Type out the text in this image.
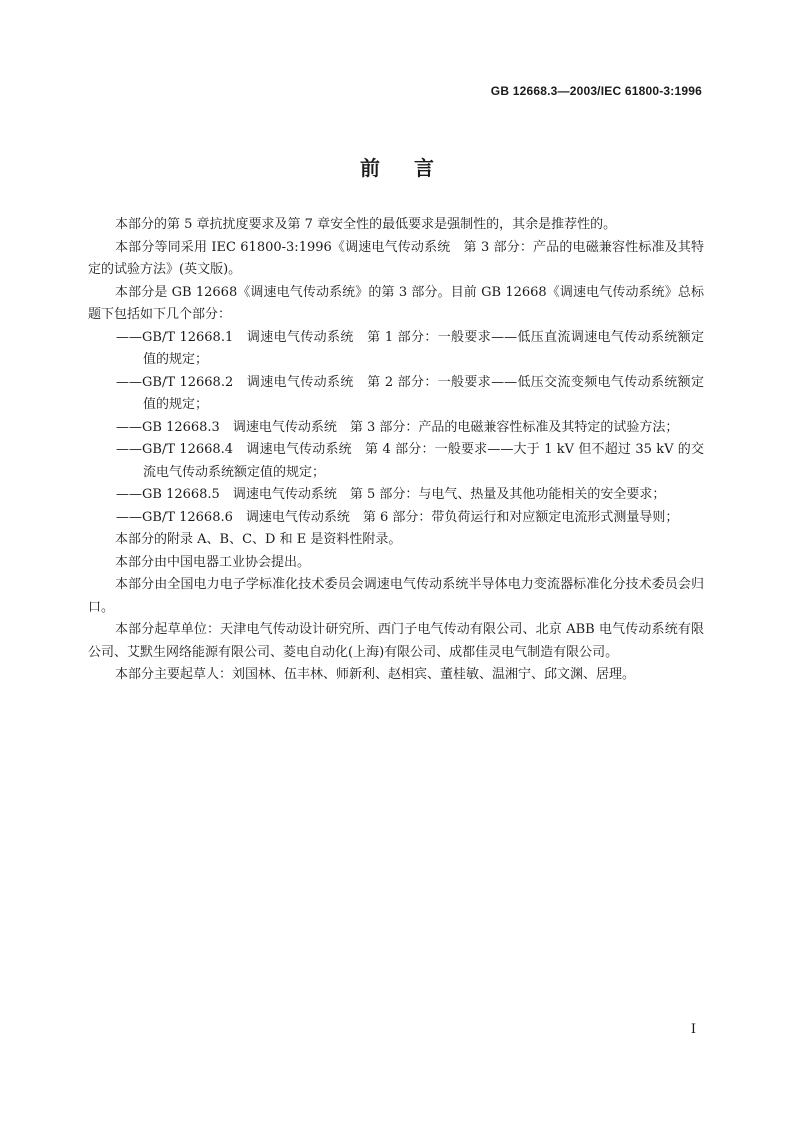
GB 12668.3—2003/IEC 61800-3:1996
前言

本部分的第 5 章抗扰度要求及第 7 章安全性的最低要求是强制性的，其余是推荐性的。

本部分等同采用 IEC 61800-3:1996《调速电气传动系统　第 3 部分：产品的电磁兼容性标准及其特定的试验方法》(英文版)。

本部分是 GB 12668《调速电气传动系统》的第 3 部分。目前 GB 12668《调速电气传动系统》总标题下包括如下几个部分：

——GB/T 12668.1　调速电气传动系统　第 1 部分：一般要求——低压直流调速电气传动系统额定值的规定；

——GB/T 12668.2　调速电气传动系统　第 2 部分：一般要求——低压交流变频电气传动系统额定值的规定；

——GB 12668.3　调速电气传动系统　第 3 部分：产品的电磁兼容性标准及其特定的试验方法；

——GB/T 12668.4　调速电气传动系统　第 4 部分：一般要求——大于 1 kV 但不超过 35 kV 的交流电气传动系统额定值的规定；

——GB 12668.5　调速电气传动系统　第 5 部分：与电气、热量及其他功能相关的安全要求；

——GB/T 12668.6　调速电气传动系统　第 6 部分：带负荷运行和对应额定电流形式测量导则；

本部分的附录 A、B、C、D 和 E 是资料性附录。

本部分由中国电器工业协会提出。

本部分由全国电力电子学标准化技术委员会调速电气传动系统半导体电力变流器标准化分技术委员会归口。

本部分起草单位：天津电气传动设计研究所、西门子电气传动有限公司、北京 ABB 电气传动系统有限公司、艾默生网络能源有限公司、菱电自动化(上海)有限公司、成都佳灵电气制造有限公司。

本部分主要起草人：刘国林、伍丰林、师新利、赵相宾、董桂敏、温湘宁、邱文渊、居理。

I
